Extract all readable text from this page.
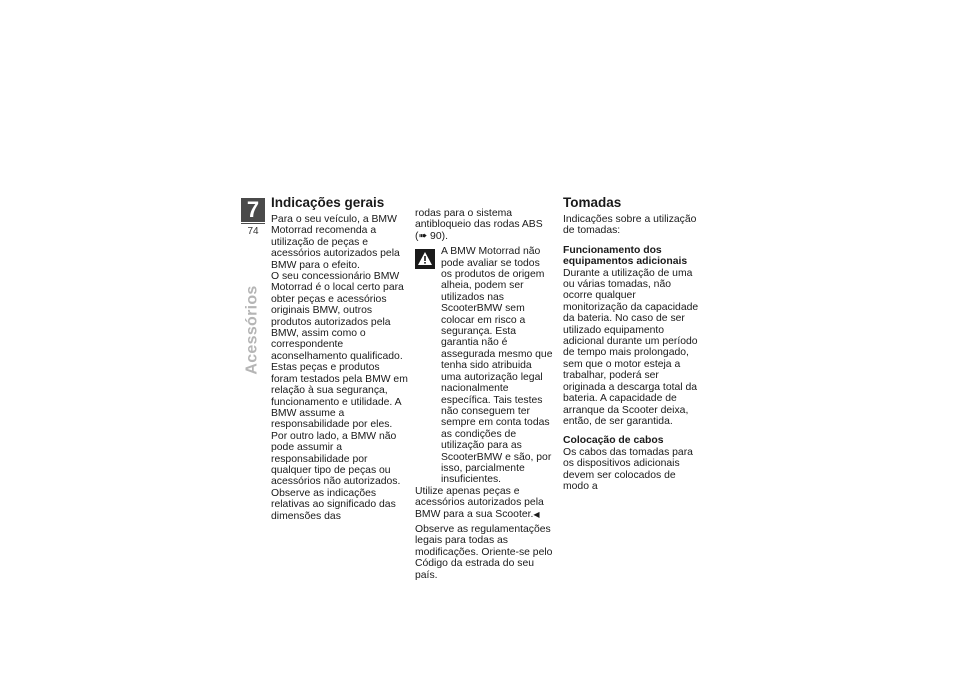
7
74
Acessórios
Indicações gerais

Para o seu veículo, a BMW Motorrad recomenda a utilização de peças e acessórios autorizados pela BMW para o efeito.

O seu concessionário BMW Motorrad é o local certo para obter peças e acessórios originais BMW, outros produtos autorizados pela BMW, assim como o correspondente aconselhamento qualificado.

Estas peças e produtos foram testados pela BMW em relação à sua segurança, funcionamento e utilidade. A BMW assume a responsabilidade por eles.

Por outro lado, a BMW não pode assumir a responsabilidade por qualquer tipo de peças ou acessórios não autorizados.

Observe as indicações relativas ao significado das dimensões das

rodas para o sistema antibloqueio das rodas ABS (➠ 90).

A BMW Motorrad não pode avaliar se todos os produtos de origem alheia, podem ser utilizados nas ScooterBMW sem colocar em risco a segurança. Esta garantia não é assegurada mesmo que tenha sido atribuida uma autorização legal nacionalmente específica. Tais testes não conseguem ter sempre em conta todas as condições de utilização para as ScooterBMW e são, por isso, parcialmente insuficientes.

Utilize apenas peças e acessórios autorizados pela BMW para a sua Scooter.◀

Observe as regulamentações legais para todas as modificações. Oriente-se pelo Código da estrada do seu país.

Tomadas

Indicações sobre a utilização de tomadas:

Funcionamento dos equipamentos adicionais

Durante a utilização de uma ou várias tomadas, não ocorre qualquer monitorização da capacidade da bateria. No caso de ser utilizado equipamento adicional durante um período de tempo mais prolongado, sem que o motor esteja a trabalhar, poderá ser originada a descarga total da bateria. A capacidade de arranque da Scooter deixa, então, de ser garantida.

Colocação de cabos

Os cabos das tomadas para os dispositivos adicionais devem ser colocados de modo a
